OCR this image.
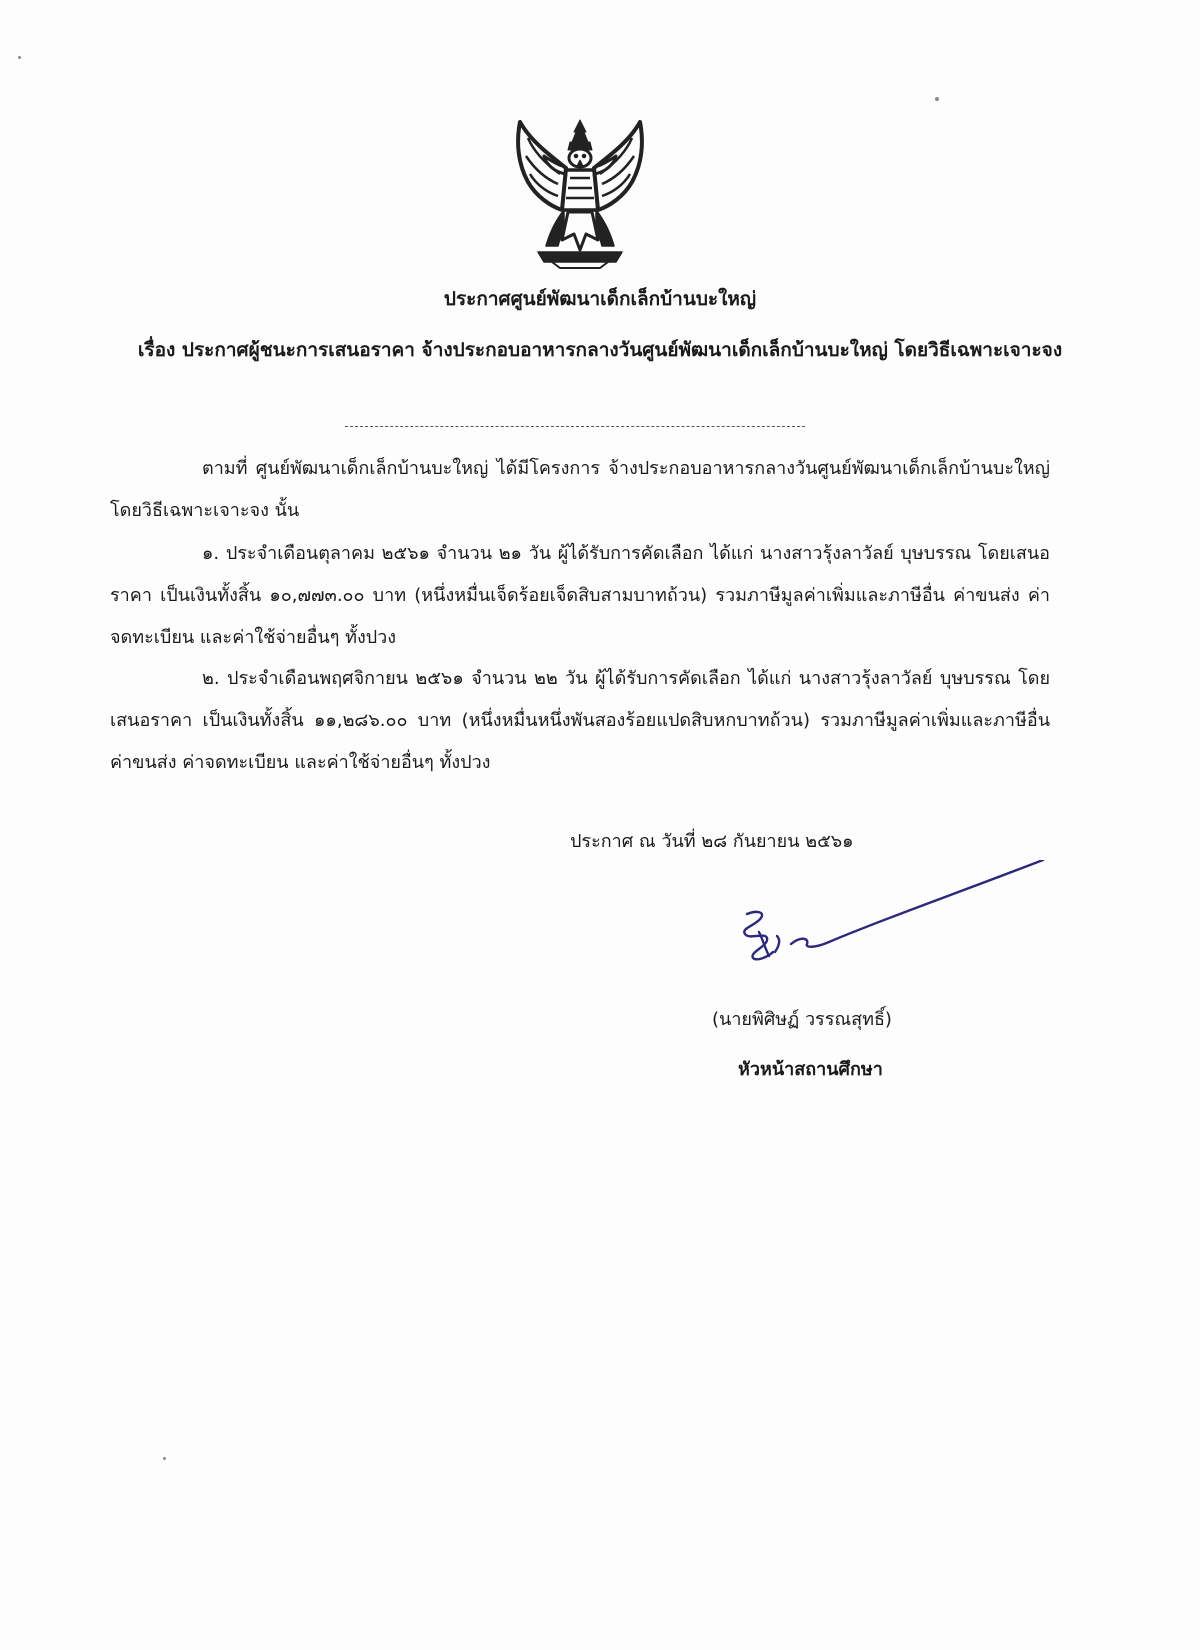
ประกาศศูนย์พัฒนาเด็กเล็กบ้านบะใหญ่
เรื่อง ประกาศผู้ชนะการเสนอราคา จ้างประกอบอาหารกลางวันศูนย์พัฒนาเด็กเล็กบ้านบะใหญ่ โดยวิธีเฉพาะเจาะจง
ตามที่ ศูนย์พัฒนาเด็กเล็กบ้านบะใหญ่ ได้มีโครงการ จ้างประกอบอาหารกลางวันศูนย์พัฒนาเด็กเล็กบ้านบะใหญ่ โดยวิธีเฉพาะเจาะจง นั้น
๑. ประจำเดือนตุลาคม ๒๕๖๑ จำนวน ๒๑ วัน ผู้ได้รับการคัดเลือก ได้แก่ นางสาวรุ้งลาวัลย์ บุษบรรณ โดยเสนอราคา เป็นเงินทั้งสิ้น ๑๐,๗๗๓.๐๐ บาท (หนึ่งหมื่นเจ็ดร้อยเจ็ดสิบสามบาทถ้วน) รวมภาษีมูลค่าเพิ่มและภาษีอื่น ค่าขนส่ง ค่าจดทะเบียน และค่าใช้จ่ายอื่นๆ ทั้งปวง
๒. ประจำเดือนพฤศจิกายน ๒๕๖๑ จำนวน ๒๒ วัน ผู้ได้รับการคัดเลือก ได้แก่ นางสาวรุ้งลาวัลย์ บุษบรรณ โดยเสนอราคา เป็นเงินทั้งสิ้น ๑๑,๒๘๖.๐๐ บาท (หนึ่งหมื่นหนึ่งพันสองร้อยแปดสิบหกบาทถ้วน) รวมภาษีมูลค่าเพิ่มและภาษีอื่น ค่าขนส่ง ค่าจดทะเบียน และค่าใช้จ่ายอื่นๆ ทั้งปวง
ประกาศ ณ วันที่ ๒๘ กันยายน ๒๕๖๑
(นายพิศิษฏ์ วรรณสุทธิ์)
หัวหน้าสถานศึกษา
